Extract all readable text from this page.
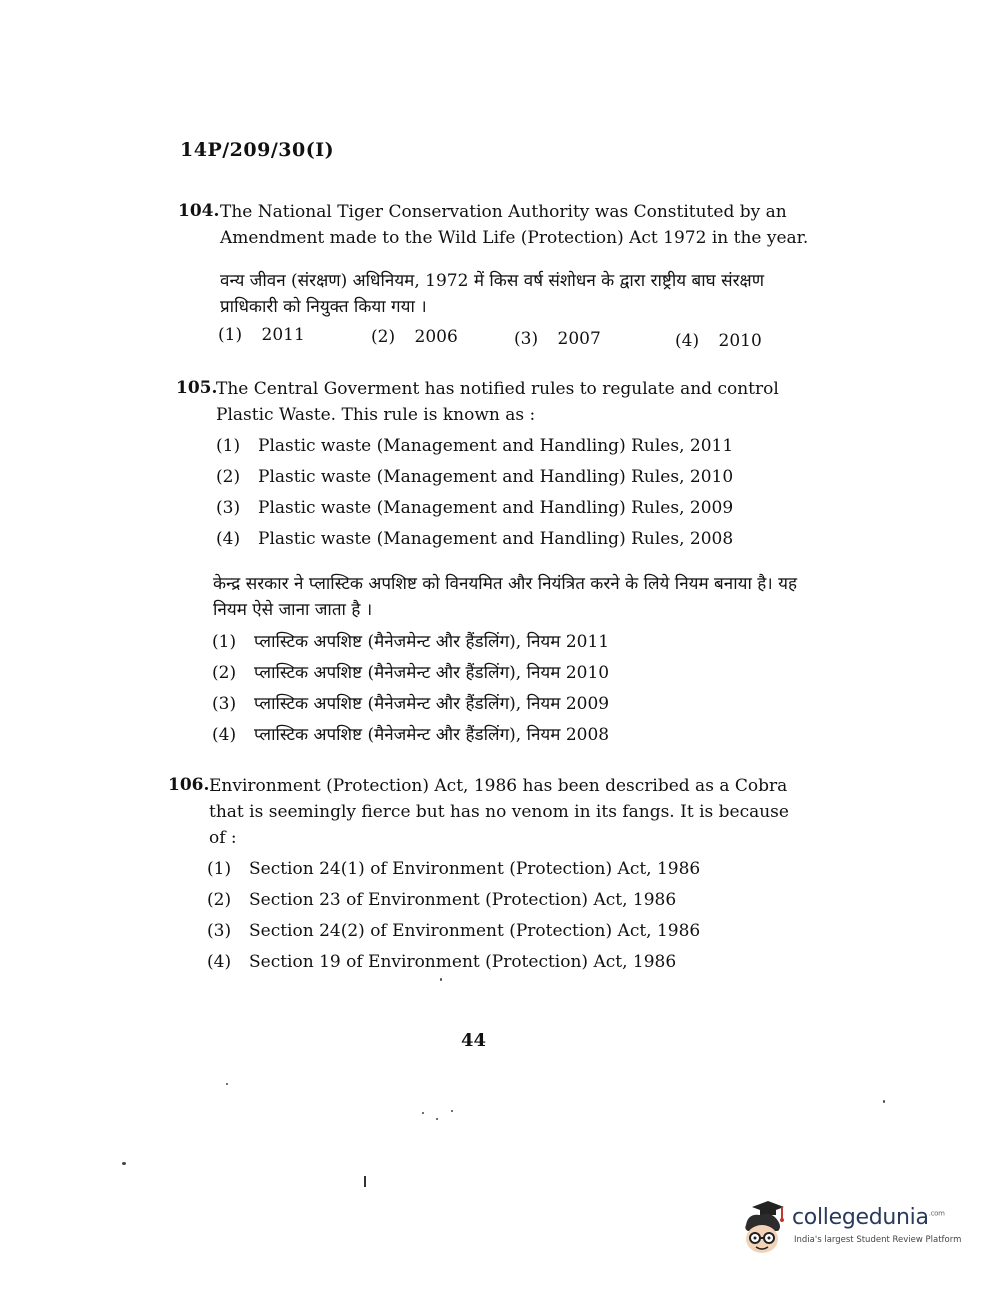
14P/209/30(I)
104. The National Tiger Conservation Authority was Constituted by an Amendment made to the Wild Life (Protection) Act 1972 in the year.
वन्य जीवन (संरक्षण) अधिनियम, 1972 में किस वर्ष संशोधन के द्वारा राष्ट्रीय बाघ संरक्षण प्राधिकारी को नियुक्त किया गया ।
(1) 2011	(2) 2006	(3) 2007	(4) 2010
105.
The Central Goverment has notified rules to regulate and control Plastic Waste. This rule is known as :
(1) Plastic waste (Management and Handling) Rules, 2011
(2) Plastic waste (Management and Handling) Rules, 2010
(3) Plastic waste (Management and Handling) Rules, 2009
(4) Plastic waste (Management and Handling) Rules, 2008
केन्द्र सरकार ने प्लास्टिक अपशिष्ट को विनयमित और नियंत्रित करने के लिये नियम बनाया है। यह नियम ऐसे जाना जाता है ।
(1) प्लास्टिक अपशिष्ट (मैनेजमेन्ट और हैंडलिंग), नियम 2011
(2) प्लास्टिक अपशिष्ट (मैनेजमेन्ट और हैंडलिंग), नियम 2010
(3) प्लास्टिक अपशिष्ट (मैनेजमेन्ट और हैंडलिंग), नियम 2009
(4) प्लास्टिक अपशिष्ट (मैनेजमेन्ट और हैंडलिंग), नियम 2008
106. Environment (Protection) Act, 1986 has been described as a Cobra that is seemingly fierce but has no venom in its fangs. It is because of :
(1) Section 24(1) of Environment (Protection) Act, 1986
(2) Section 23 of Environment (Protection) Act, 1986
(3) Section 24(2) of Environment (Protection) Act, 1986
(4) Section 19 of Environment (Protection) Act, 1986
44
collegedunia$^{.com}$
India's largest Student Review Platform
